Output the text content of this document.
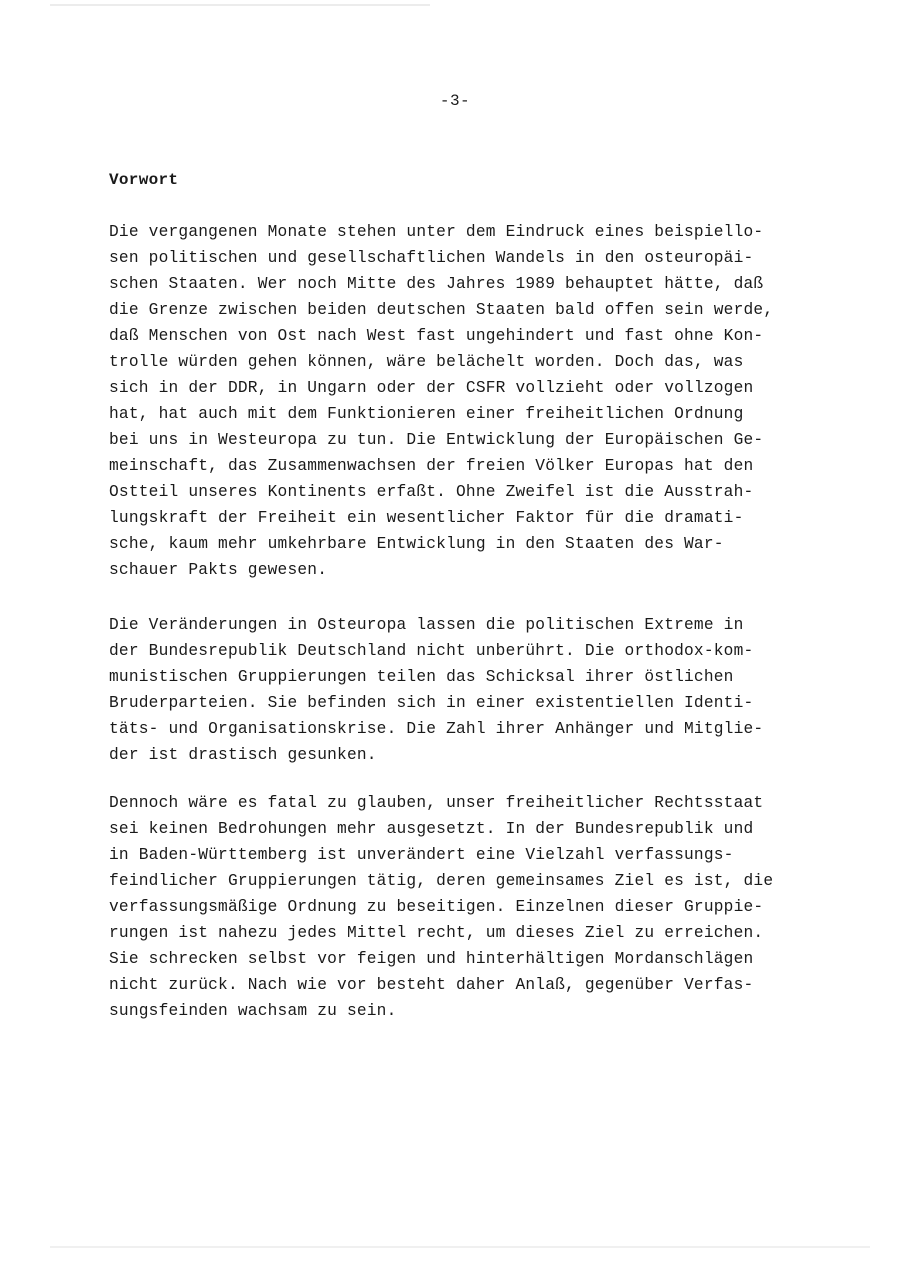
-3-
Vorwort
Die vergangenen Monate stehen unter dem Eindruck eines beispiello-
sen politischen und gesellschaftlichen Wandels in den osteuropäi-
schen Staaten. Wer noch Mitte des Jahres 1989 behauptet hätte, daß
die Grenze zwischen beiden deutschen Staaten bald offen sein werde,
daß Menschen von Ost nach West fast ungehindert und fast ohne Kon-
trolle würden gehen können, wäre belächelt worden. Doch das, was
sich in der DDR, in Ungarn oder der CSFR vollzieht oder vollzogen
hat, hat auch mit dem Funktionieren einer freiheitlichen Ordnung
bei uns in Westeuropa zu tun. Die Entwicklung der Europäischen Ge-
meinschaft, das Zusammenwachsen der freien Völker Europas hat den
Ostteil unseres Kontinents erfaßt. Ohne Zweifel ist die Ausstrah-
lungskraft der Freiheit ein wesentlicher Faktor für die dramati-
sche, kaum mehr umkehrbare Entwicklung in den Staaten des War-
schauer Pakts gewesen.
Die Veränderungen in Osteuropa lassen die politischen Extreme in
der Bundesrepublik Deutschland nicht unberührt. Die orthodox-kom-
munistischen Gruppierungen teilen das Schicksal ihrer östlichen
Bruderparteien. Sie befinden sich in einer existentiellen Identi-
täts- und Organisationskrise. Die Zahl ihrer Anhänger und Mitglie-
der ist drastisch gesunken.
Dennoch wäre es fatal zu glauben, unser freiheitlicher Rechtsstaat
sei keinen Bedrohungen mehr ausgesetzt. In der Bundesrepublik und
in Baden-Württemberg ist unverändert eine Vielzahl verfassungs-
feindlicher Gruppierungen tätig, deren gemeinsames Ziel es ist, die
verfassungsmäßige Ordnung zu beseitigen. Einzelnen dieser Gruppie-
rungen ist nahezu jedes Mittel recht, um dieses Ziel zu erreichen.
Sie schrecken selbst vor feigen und hinterhältigen Mordanschlägen
nicht zurück. Nach wie vor besteht daher Anlaß, gegenüber Verfas-
sungsfeinden wachsam zu sein.
